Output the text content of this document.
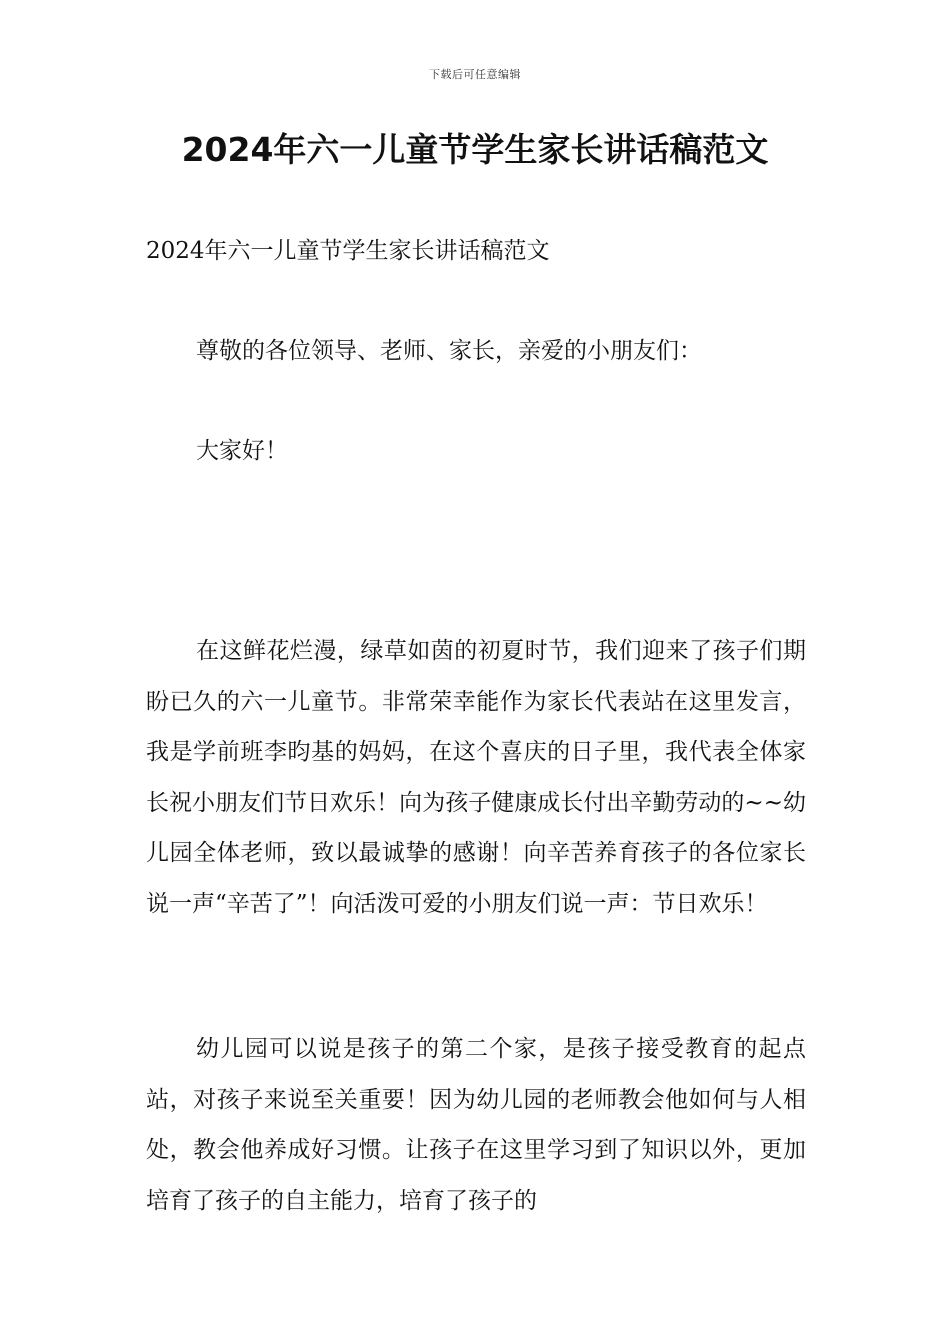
下载后可任意编辑
2024年六一儿童节学生家长讲话稿范文

2024年六一儿童节学生家长讲话稿范文

尊敬的各位领导、老师、家长，亲爱的小朋友们：

大家好！

在这鲜花烂漫，绿草如茵的初夏时节，我们迎来了孩子们期盼已久的六一儿童节。非常荣幸能作为家长代表站在这里发言，我是学前班李昀基的妈妈，在这个喜庆的日子里，我代表全体家长祝小朋友们节日欢乐！向为孩子健康成长付出辛勤劳动的~~幼儿园全体老师，致以最诚挚的感谢！向辛苦养育孩子的各位家长说一声“辛苦了”！向活泼可爱的小朋友们说一声：节日欢乐！

幼儿园可以说是孩子的第二个家，是孩子接受教育的起点站，对孩子来说至关重要！因为幼儿园的老师教会他如何与人相处，教会他养成好习惯。让孩子在这里学习到了知识以外，更加培育了孩子的自主能力，培育了孩子的
